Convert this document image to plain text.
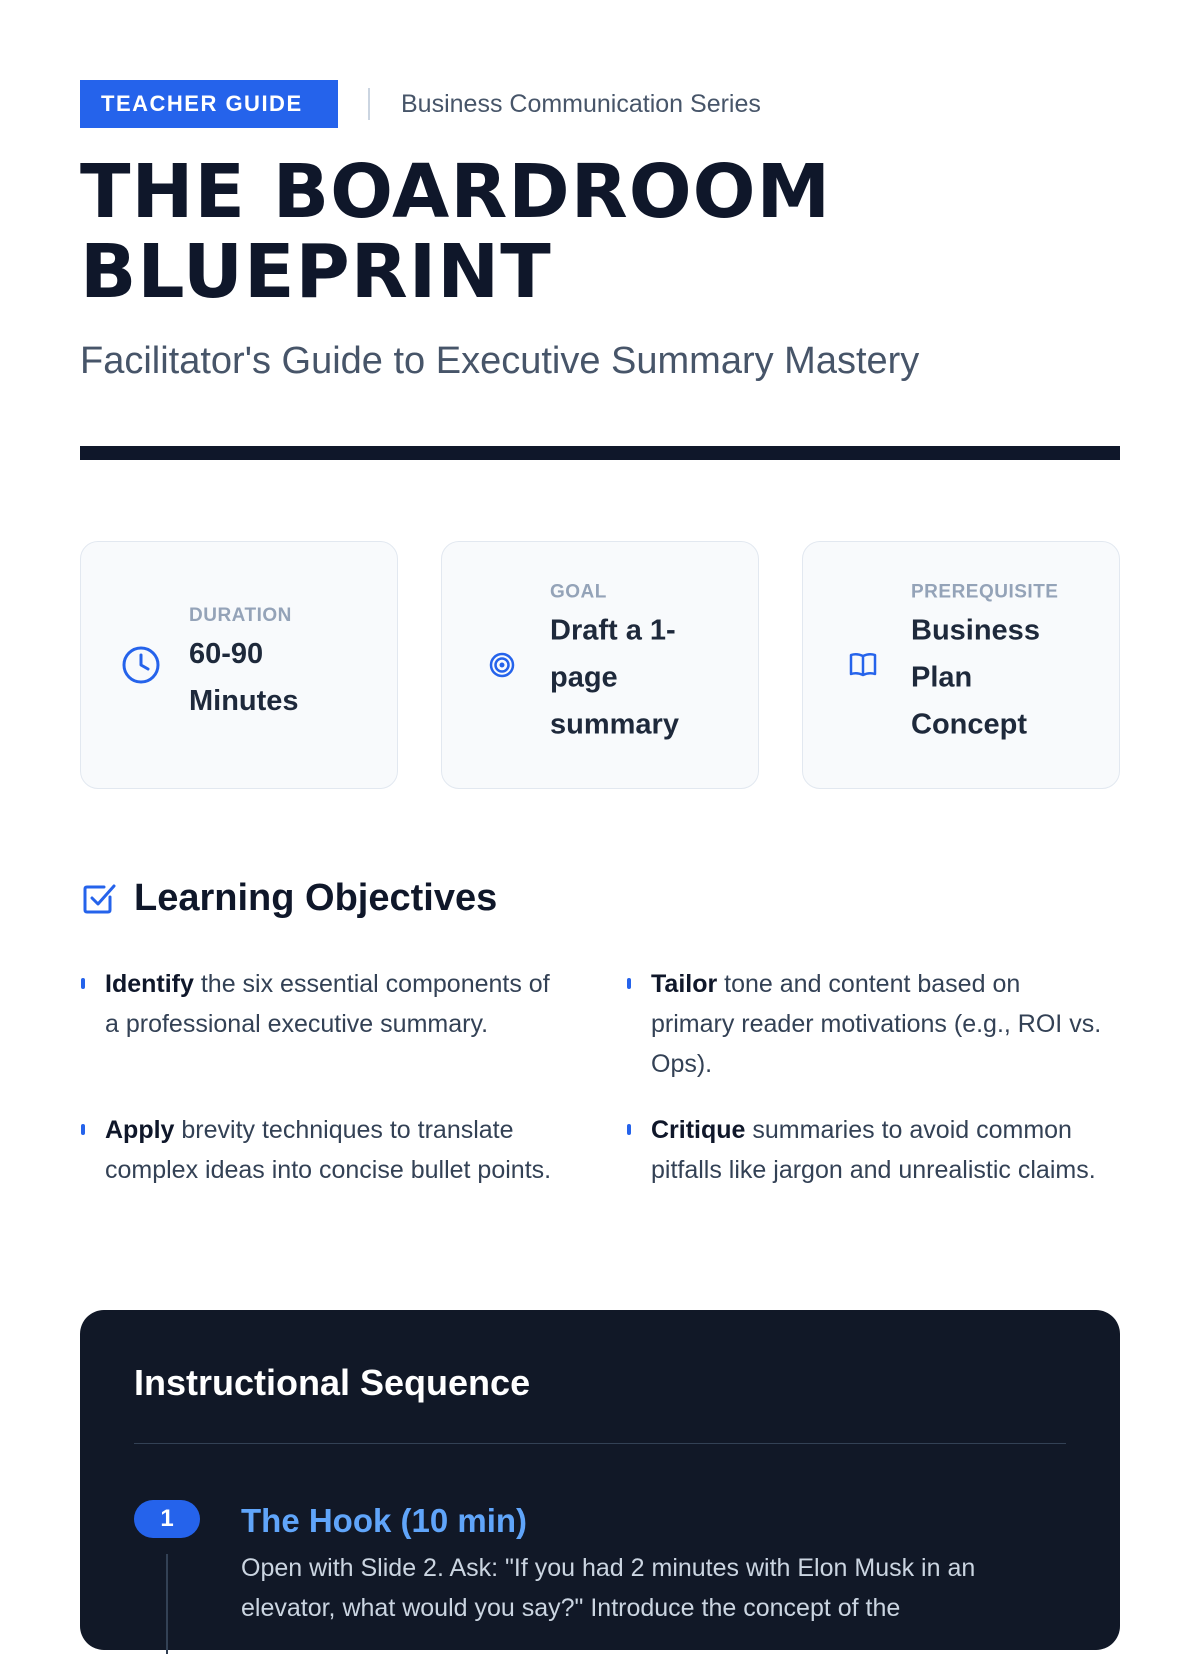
TEACHER GUIDE	Business Communication Series
THE BOARDROOM
BLUEPRINT

Facilitator's Guide to Executive Summary Mastery

DURATION
60-90
Minutes
GOAL
Draft a 1-
page
summary
PREREQUISITE
Business
Plan
Concept
Learning Objectives
Identify the six essential components of a professional executive summary.
Tailor tone and content based on primary reader motivations (e.g., ROI vs. Ops).
Apply brevity techniques to translate complex ideas into concise bullet points.
Critique summaries to avoid common pitfalls like jargon and unrealistic claims.
Instructional Sequence
1	The Hook (10 min)

Open with Slide 2. Ask: "If you had 2 minutes with Elon Musk in an elevator, what would you say?" Introduce the concept of the
